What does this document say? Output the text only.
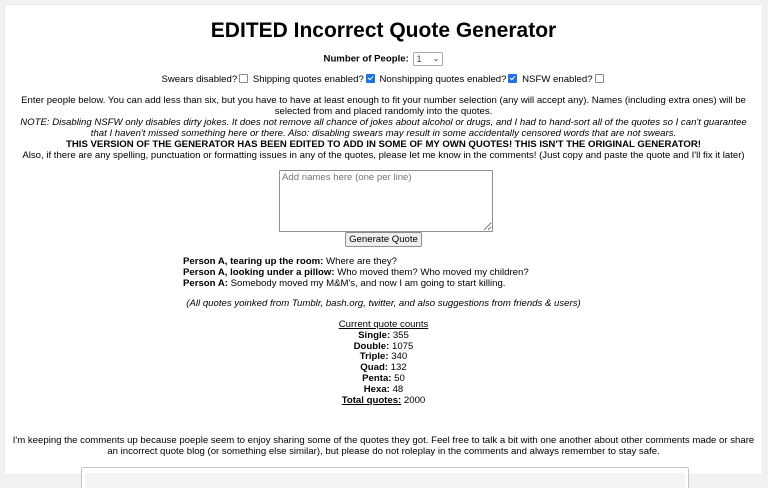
EDITED Incorrect Quote Generator
Number of People: 1 ⌄
Swears disabled? Shipping quotes enabled? Nonshipping quotes enabled? NSFW enabled?

Enter people below. You can add less than six, but you have to have at least enough to fit your number selection (any will accept any). Names (including extra ones) will be selected from and placed randomly into the quotes.

NOTE: Disabling NSFW only disables dirty jokes. It does not remove all chance of jokes about alcohol or drugs, and I had to hand-sort all of the quotes so I can't guarantee that I haven't missed something here or there. Also: disabling swears may result in some accidentally censored words that are not swears.

THIS VERSION OF THE GENERATOR HAS BEEN EDITED TO ADD IN SOME OF MY OWN QUOTES! THIS ISN'T THE ORIGINAL GENERATOR!

Also, if there are any spelling, punctuation or formatting issues in any of the quotes, please let me know in the comments! (Just copy and paste the quote and I'll fix it later)

Add names here (one per line)
Generate Quote
Person A, tearing up the room: Where are they?
Person A, looking under a pillow: Who moved them? Who moved my children?
Person A: Somebody moved my M&M's, and now I am going to start killing.
(All quotes yoinked from Tumblr, bash.org, twitter, and also suggestions from friends & users)
Current quote counts
Single: 355
Double: 1075
Triple: 340
Quad: 132
Penta: 50
Hexa: 48
Total quotes: 2000
I'm keeping the comments up because poeple seem to enjoy sharing some of the quotes they got. Feel free to talk a bit with one another about other comments made or share an incorrect quote blog (or something else similar), but please do not roleplay in the comments and always remember to stay safe.
